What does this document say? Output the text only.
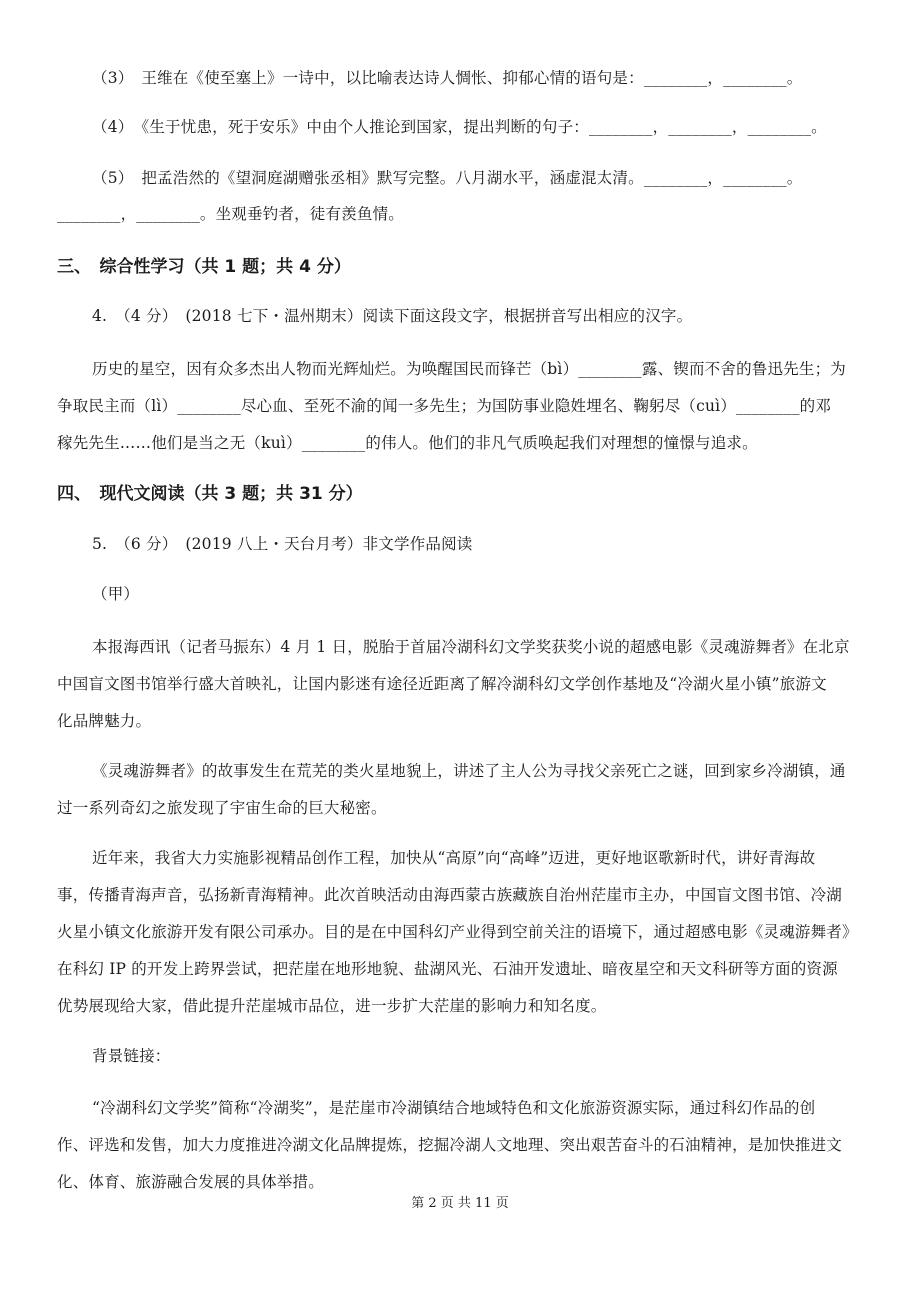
（3）　王维在《使至塞上》一诗中，以比喻表达诗人惆怅、抑郁心情的语句是：________，________。
（4）　《生于忧患，死于安乐》中由个人推论到国家，提出判断的句子：________，________，________。
（5）　把孟浩然的《望洞庭湖赠张丞相》默写完整。八月湖水平，涵虚混太清。________，________。
________，________。坐观垂钓者，徒有羡鱼情。
三、　综合性学习（共 1 题；共 4 分）
4.　（4 分）　(2018 七下・温州期末）阅读下面这段文字，根据拼音写出相应的汉字。
历史的星空，因有众多杰出人物而光辉灿烂。为唤醒国民而锋芒（bì）________露、锲而不舍的鲁迅先生；为
争取民主而（lì）________尽心血、至死不渝的闻一多先生；为国防事业隐姓埋名、鞠躬尽（cuì）________的邓
稼先先生……他们是当之无（kuì）________的伟人。他们的非凡气质唤起我们对理想的憧憬与追求。
四、　现代文阅读（共 3 题；共 31 分）
5.　（6 分）　(2019 八上・天台月考）非文学作品阅读
（甲）
本报海西讯（记者马振东）4 月 1 日，脱胎于首届冷湖科幻文学奖获奖小说的超感电影《灵魂游舞者》在北京
中国盲文图书馆举行盛大首映礼，让国内影迷有途径近距离了解冷湖科幻文学创作基地及“冷湖火星小镇”旅游文
化品牌魅力。
《灵魂游舞者》的故事发生在荒芜的类火星地貌上，讲述了主人公为寻找父亲死亡之谜，回到家乡冷湖镇，通
过一系列奇幻之旅发现了宇宙生命的巨大秘密。
近年来，我省大力实施影视精品创作工程，加快从“高原”向“高峰”迈进，更好地讴歌新时代，讲好青海故
事，传播青海声音，弘扬新青海精神。此次首映活动由海西蒙古族藏族自治州茫崖市主办，中国盲文图书馆、冷湖
火星小镇文化旅游开发有限公司承办。目的是在中国科幻产业得到空前关注的语境下，通过超感电影《灵魂游舞者》
在科幻 IP 的开发上跨界尝试，把茫崖在地形地貌、盐湖风光、石油开发遗址、暗夜星空和天文科研等方面的资源
优势展现给大家，借此提升茫崖城市品位，进一步扩大茫崖的影响力和知名度。
背景链接：
“冷湖科幻文学奖”简称“冷湖奖”，是茫崖市冷湖镇结合地域特色和文化旅游资源实际，通过科幻作品的创
作、评选和发售，加大力度推进冷湖文化品牌提炼，挖掘冷湖人文地理、突出艰苦奋斗的石油精神，是加快推进文
化、体育、旅游融合发展的具体举措。
第 2 页 共 11 页
